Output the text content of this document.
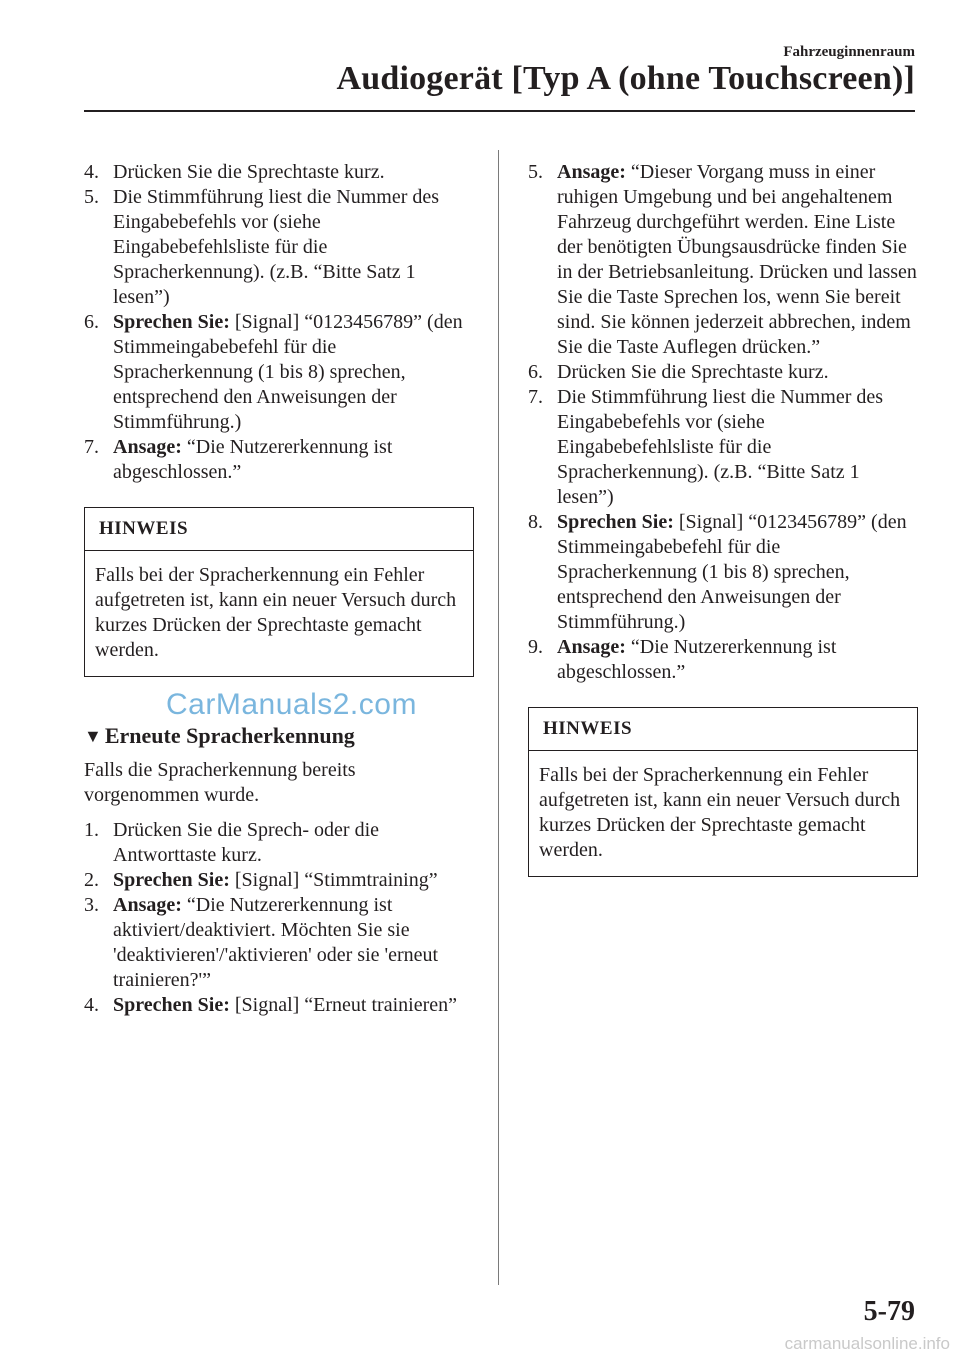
Fahrzeuginnenraum
Audiogerät [Typ A (ohne Touchscreen)]
4. Drücken Sie die Sprechtaste kurz.
5. Die Stimmführung liest die Nummer des Eingabebefehls vor (siehe Eingabebefehlsliste für die Spracherkennung). (z.B. “Bitte Satz 1 lesen”)
6. Sprechen Sie: [Signal] “0123456789” (den Stimmeingabebefehl für die Spracherkennung (1 bis 8) sprechen, entsprechend den Anweisungen der Stimmführung.)
7. Ansage: “Die Nutzererkennung ist abgeschlossen.”
HINWEIS
Falls bei der Spracherkennung ein Fehler aufgetreten ist, kann ein neuer Versuch durch kurzes Drücken der Sprechtaste gemacht werden.
▼ Erneute Spracherkennung
Falls die Spracherkennung bereits vorgenommen wurde.
1. Drücken Sie die Sprech- oder die Antworttaste kurz.
2. Sprechen Sie: [Signal] “Stimmtraining”
3. Ansage: “Die Nutzererkennung ist aktiviert/deaktiviert. Möchten Sie sie 'deaktivieren'/'aktivieren' oder sie 'erneut trainieren?'”
4. Sprechen Sie: [Signal] “Erneut trainieren”
5. Ansage: “Dieser Vorgang muss in einer ruhigen Umgebung und bei angehaltenem Fahrzeug durchgeführt werden. Eine Liste der benötigten Übungsausdrücke finden Sie in der Betriebsanleitung. Drücken und lassen Sie die Taste Sprechen los, wenn Sie bereit sind. Sie können jederzeit abbrechen, indem Sie die Taste Auflegen drücken.”
6. Drücken Sie die Sprechtaste kurz.
7. Die Stimmführung liest die Nummer des Eingabebefehls vor (siehe Eingabebefehlsliste für die Spracherkennung). (z.B. “Bitte Satz 1 lesen”)
8. Sprechen Sie: [Signal] “0123456789” (den Stimmeingabebefehl für die Spracherkennung (1 bis 8) sprechen, entsprechend den Anweisungen der Stimmführung.)
9. Ansage: “Die Nutzererkennung ist abgeschlossen.”
HINWEIS
Falls bei der Spracherkennung ein Fehler aufgetreten ist, kann ein neuer Versuch durch kurzes Drücken der Sprechtaste gemacht werden.
CarManuals2.com
5-79
carmanualsonline.info
